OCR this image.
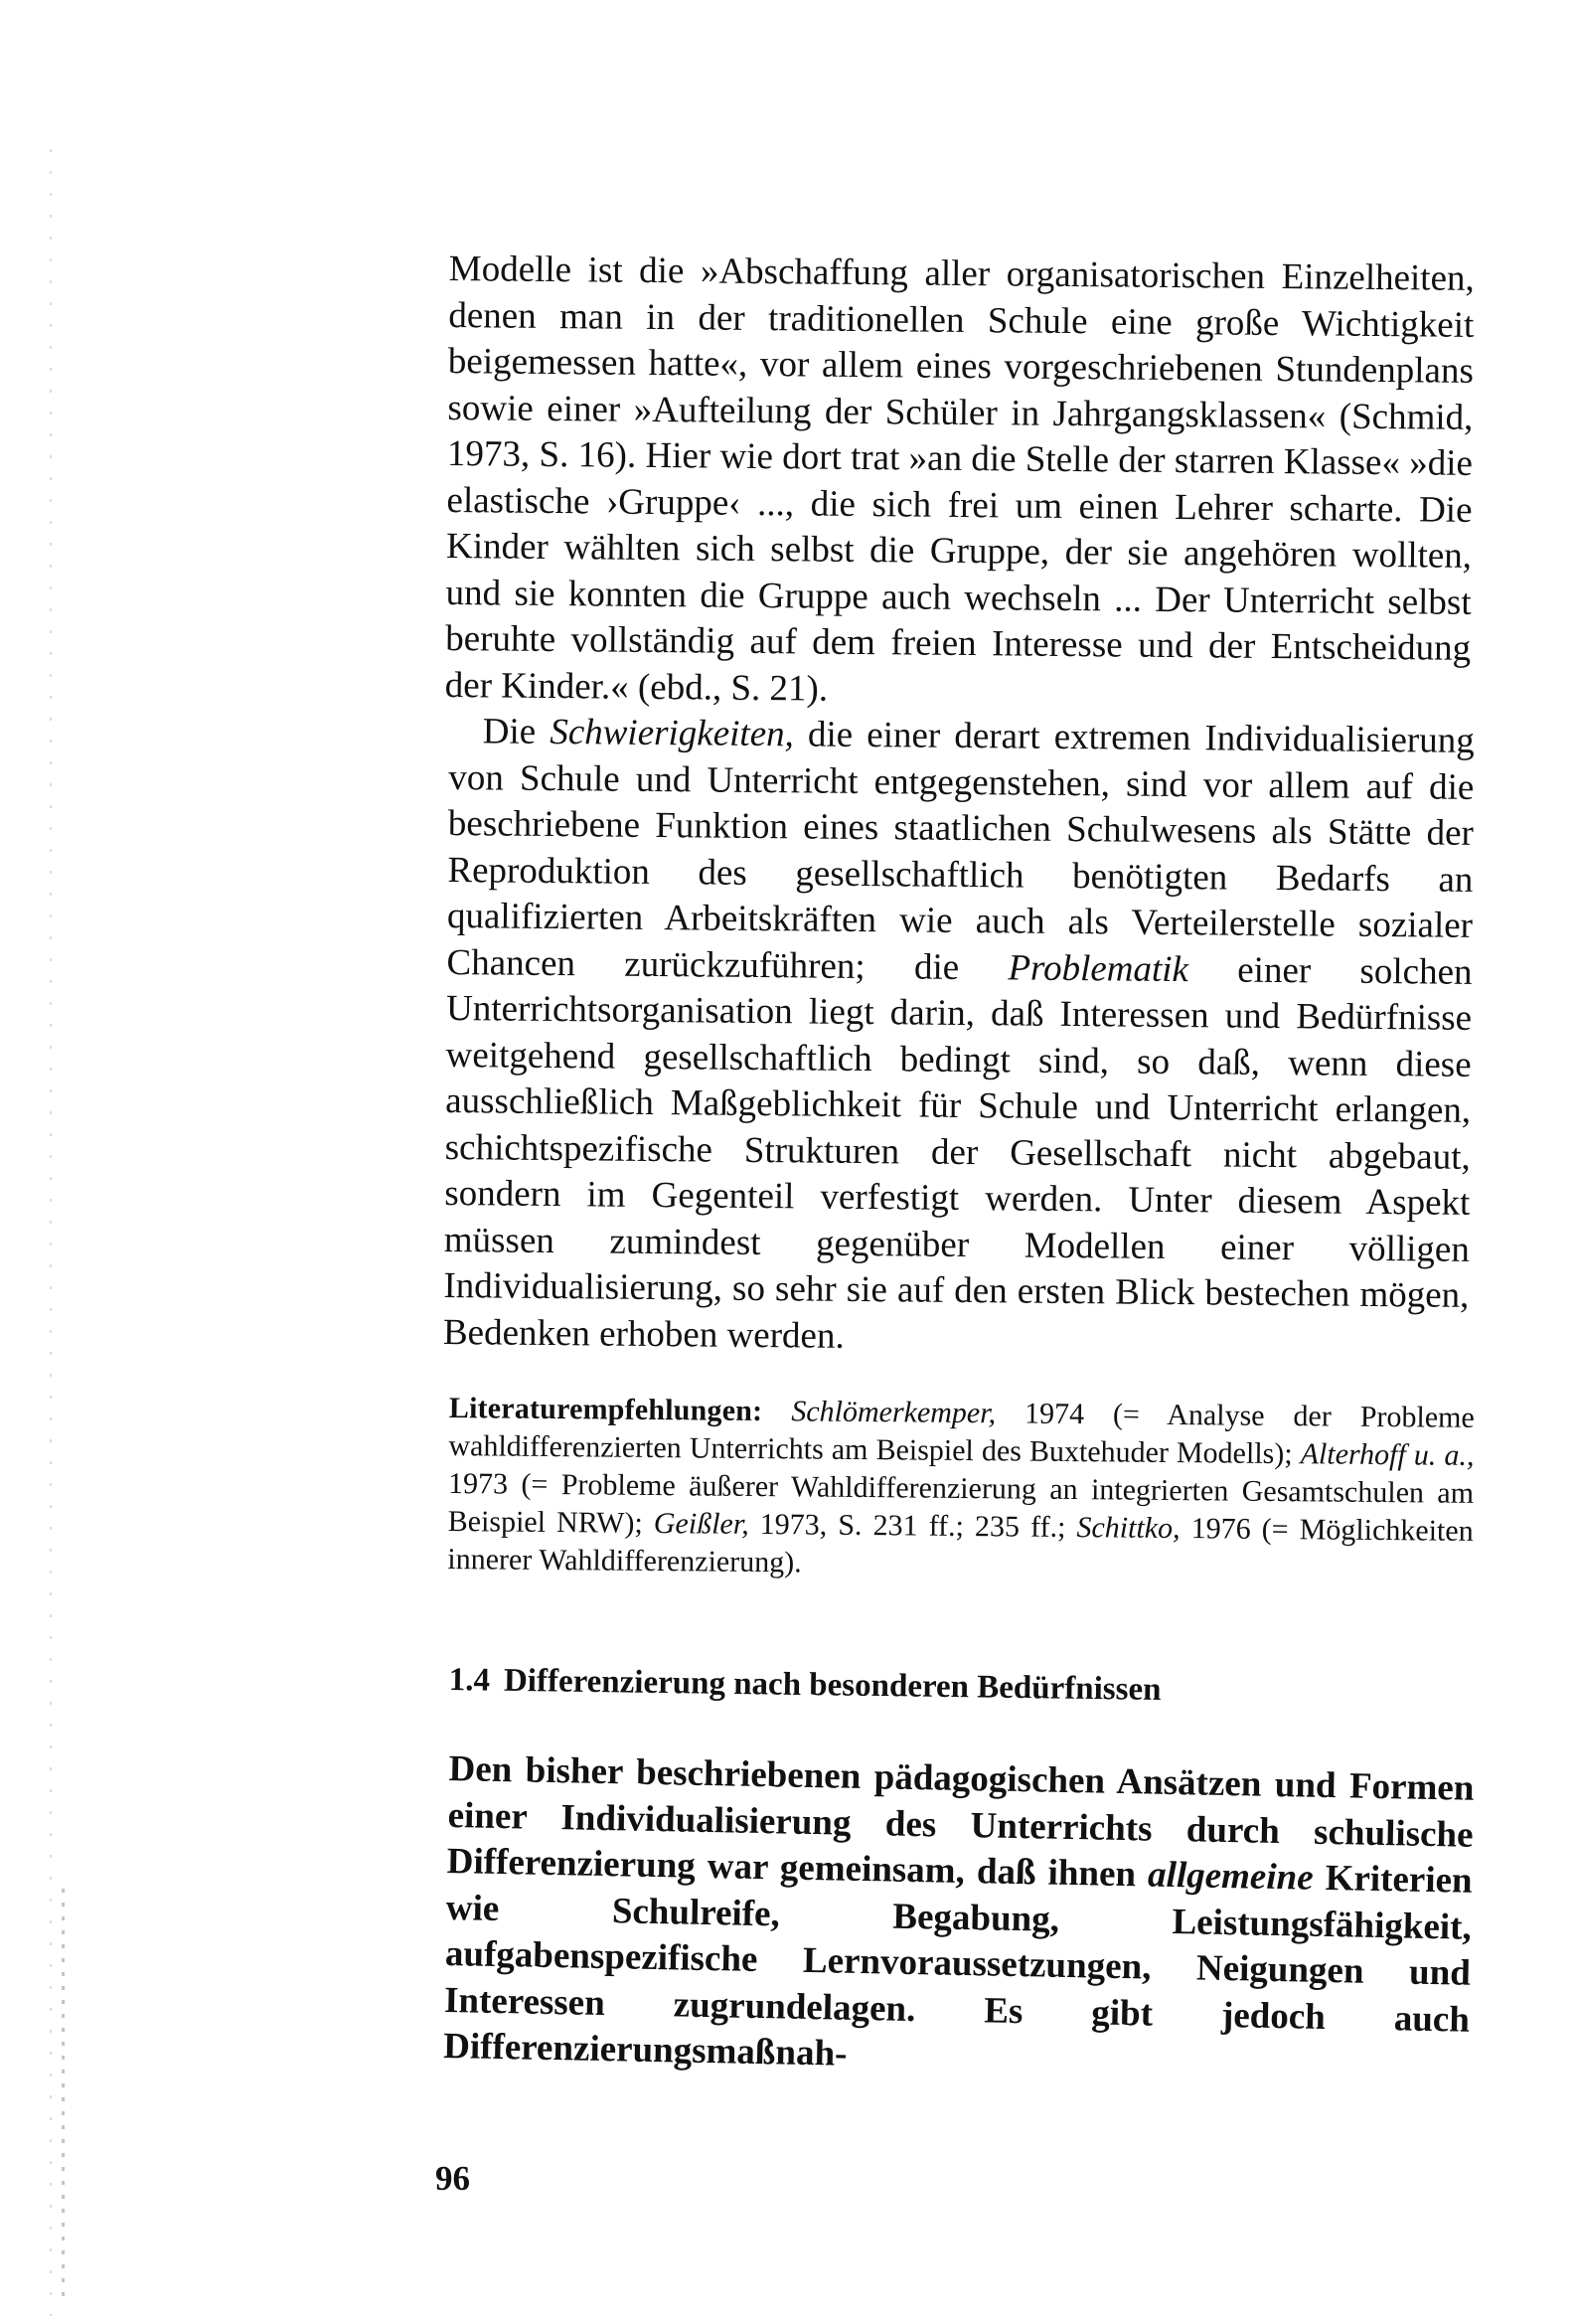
Modelle ist die »Abschaffung aller organisatorischen Einzelheiten, denen man in der traditionellen Schule eine große Wichtigkeit beigemessen hatte«, vor allem eines vorgeschriebenen Stundenplans sowie einer »Aufteilung der Schüler in Jahrgangsklassen« (Schmid, 1973, S. 16). Hier wie dort trat »an die Stelle der starren Klasse« »die elastische ›Gruppe‹ ..., die sich frei um einen Lehrer scharte. Die Kinder wählten sich selbst die Gruppe, der sie angehören wollten, und sie konnten die Gruppe auch wechseln ... Der Unterricht selbst beruhte vollständig auf dem freien Interesse und der Entscheidung der Kinder.« (ebd., S. 21).

Die Schwierigkeiten, die einer derart extremen Individualisierung von Schule und Unterricht entgegenstehen, sind vor allem auf die beschriebene Funktion eines staatlichen Schulwesens als Stätte der Reproduktion des gesellschaftlich benötigten Bedarfs an qualifizierten Arbeitskräften wie auch als Verteilerstelle sozialer Chancen zurückzuführen; die Problematik einer solchen Unterrichtsorganisation liegt darin, daß Interessen und Bedürfnisse weitgehend gesellschaftlich bedingt sind, so daß, wenn diese ausschließlich Maßgeblichkeit für Schule und Unterricht erlangen, schichtspezifische Strukturen der Gesellschaft nicht abgebaut, sondern im Gegenteil verfestigt werden. Unter diesem Aspekt müssen zumindest gegenüber Modellen einer völligen Individualisierung, so sehr sie auf den ersten Blick bestechen mögen, Bedenken erhoben werden.

Literaturempfehlungen: Schlömerkemper, 1974 (= Analyse der Probleme wahldifferenzierten Unterrichts am Beispiel des Buxtehuder Modells); Alterhoff u. a., 1973 (= Probleme äußerer Wahldifferenzierung an integrierten Gesamtschulen am Beispiel NRW); Geißler, 1973, S. 231 ff.; 235 ff.; Schittko, 1976 (= Möglichkeiten innerer Wahldifferenzierung).

1.4 Differenzierung nach besonderen Bedürfnissen

Den bisher beschriebenen pädagogischen Ansätzen und Formen einer Individualisierung des Unterrichts durch schulische Differenzierung war gemeinsam, daß ihnen allgemeine Kriterien wie Schulreife, Begabung, Leistungsfähigkeit, aufgabenspezifische Lernvoraussetzungen, Neigungen und Interessen zugrundelagen. Es gibt jedoch auch Differenzierungsmaßnah-

96
